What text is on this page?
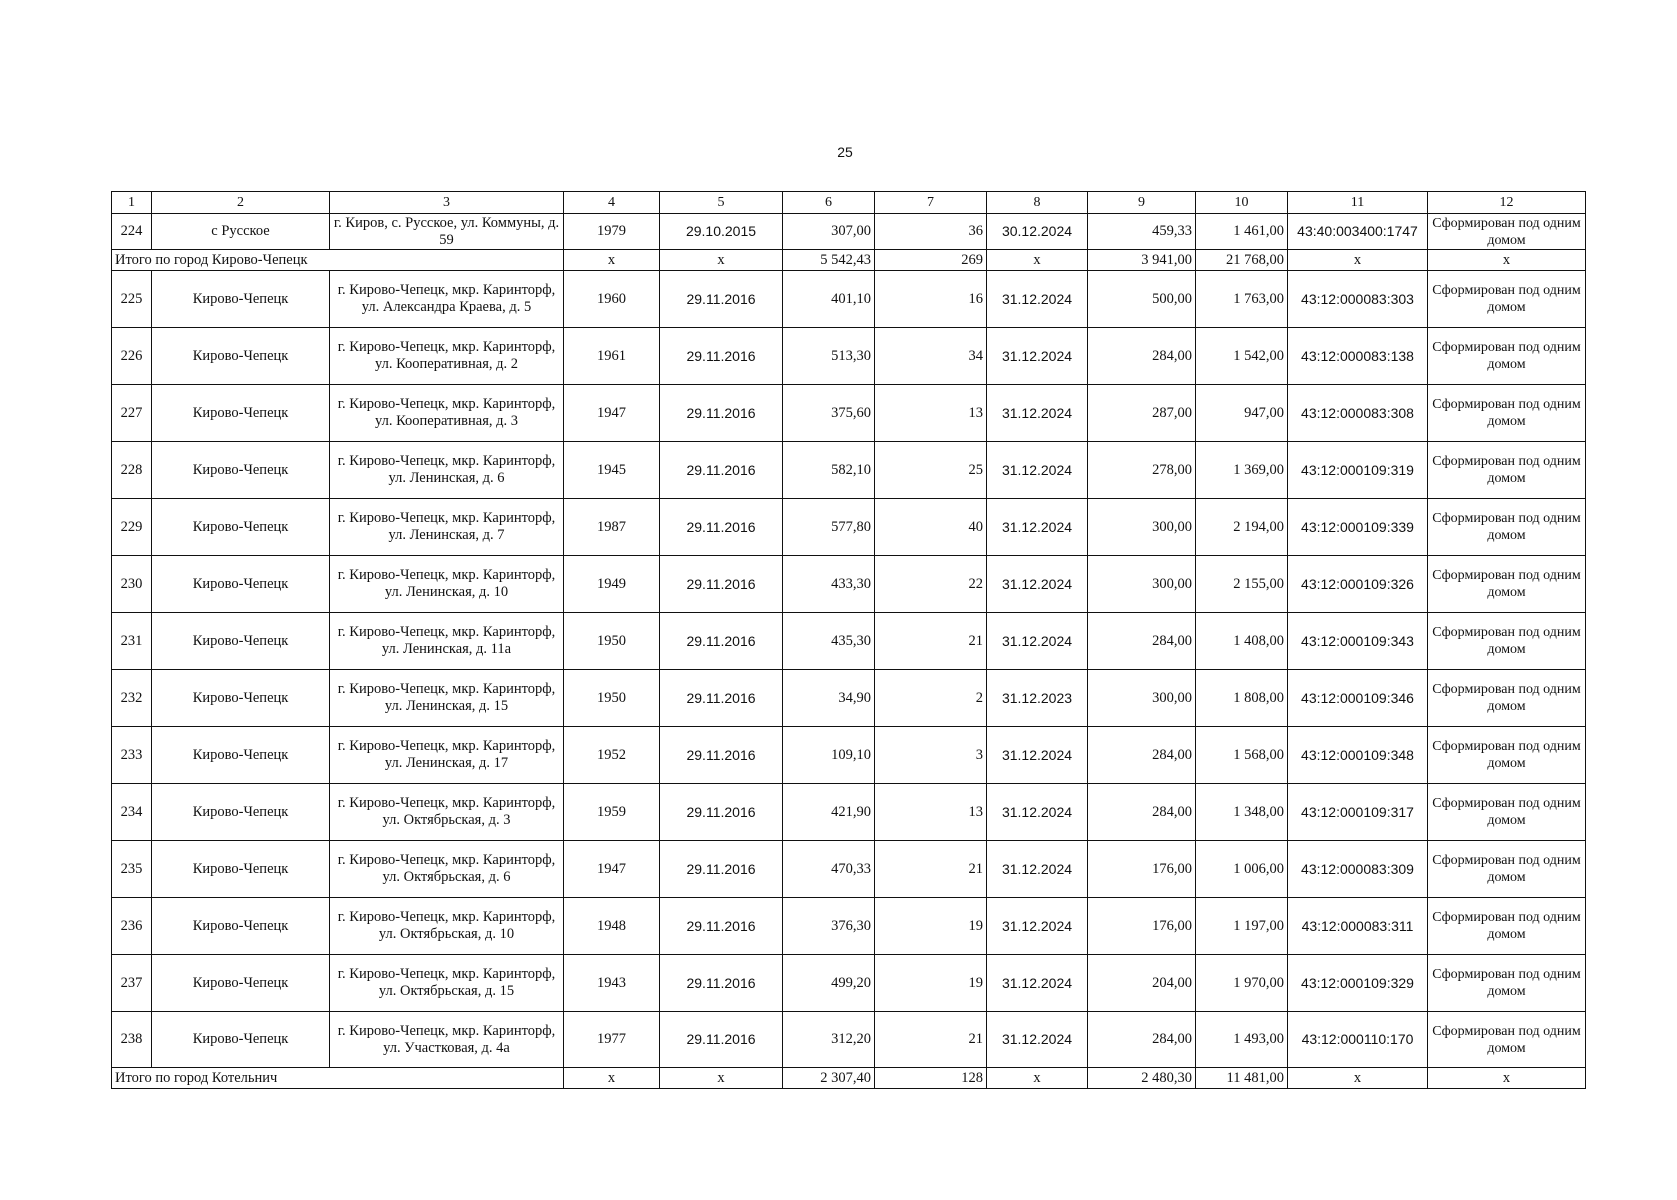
25
1	2	3	4	5	6	7	8	9	10	11	12
224	с Русское	г. Киров, с. Русское, ул. Коммуны, д. 59	1979	29.10.2015	307,00	36	30.12.2024	459,33	1 461,00	43:40:003400:1747	Сформирован под одним домом
Итого по город Кирово-Чепецк			x	x	5 542,43	269	x	3 941,00	21 768,00	x	x
225	Кирово-Чепецк	г. Кирово-Чепецк, мкр. Каринторф, ул. Александра Краева, д. 5	1960	29.11.2016	401,10	16	31.12.2024	500,00	1 763,00	43:12:000083:303	Сформирован под одним домом
226	Кирово-Чепецк	г. Кирово-Чепецк, мкр. Каринторф, ул. Кооперативная, д. 2	1961	29.11.2016	513,30	34	31.12.2024	284,00	1 542,00	43:12:000083:138	Сформирован под одним домом
227	Кирово-Чепецк	г. Кирово-Чепецк, мкр. Каринторф, ул. Кооперативная, д. 3	1947	29.11.2016	375,60	13	31.12.2024	287,00	947,00	43:12:000083:308	Сформирован под одним домом
228	Кирово-Чепецк	г. Кирово-Чепецк, мкр. Каринторф, ул. Ленинская, д. 6	1945	29.11.2016	582,10	25	31.12.2024	278,00	1 369,00	43:12:000109:319	Сформирован под одним домом
229	Кирово-Чепецк	г. Кирово-Чепецк, мкр. Каринторф, ул. Ленинская, д. 7	1987	29.11.2016	577,80	40	31.12.2024	300,00	2 194,00	43:12:000109:339	Сформирован под одним домом
230	Кирово-Чепецк	г. Кирово-Чепецк, мкр. Каринторф, ул. Ленинская, д. 10	1949	29.11.2016	433,30	22	31.12.2024	300,00	2 155,00	43:12:000109:326	Сформирован под одним домом
231	Кирово-Чепецк	г. Кирово-Чепецк, мкр. Каринторф, ул. Ленинская, д. 11а	1950	29.11.2016	435,30	21	31.12.2024	284,00	1 408,00	43:12:000109:343	Сформирован под одним домом
232	Кирово-Чепецк	г. Кирово-Чепецк, мкр. Каринторф, ул. Ленинская, д. 15	1950	29.11.2016	34,90	2	31.12.2023	300,00	1 808,00	43:12:000109:346	Сформирован под одним домом
233	Кирово-Чепецк	г. Кирово-Чепецк, мкр. Каринторф, ул. Ленинская, д. 17	1952	29.11.2016	109,10	3	31.12.2024	284,00	1 568,00	43:12:000109:348	Сформирован под одним домом
234	Кирово-Чепецк	г. Кирово-Чепецк, мкр. Каринторф, ул. Октябрьская, д. 3	1959	29.11.2016	421,90	13	31.12.2024	284,00	1 348,00	43:12:000109:317	Сформирован под одним домом
235	Кирово-Чепецк	г. Кирово-Чепецк, мкр. Каринторф, ул. Октябрьская, д. 6	1947	29.11.2016	470,33	21	31.12.2024	176,00	1 006,00	43:12:000083:309	Сформирован под одним домом
236	Кирово-Чепецк	г. Кирово-Чепецк, мкр. Каринторф, ул. Октябрьская, д. 10	1948	29.11.2016	376,30	19	31.12.2024	176,00	1 197,00	43:12:000083:311	Сформирован под одним домом
237	Кирово-Чепецк	г. Кирово-Чепецк, мкр. Каринторф, ул. Октябрьская, д. 15	1943	29.11.2016	499,20	19	31.12.2024	204,00	1 970,00	43:12:000109:329	Сформирован под одним домом
238	Кирово-Чепецк	г. Кирово-Чепецк, мкр. Каринторф, ул. Участковая, д. 4а	1977	29.11.2016	312,20	21	31.12.2024	284,00	1 493,00	43:12:000110:170	Сформирован под одним домом
Итого по город Котельнич			x	x	2 307,40	128	x	2 480,30	11 481,00	x	x
